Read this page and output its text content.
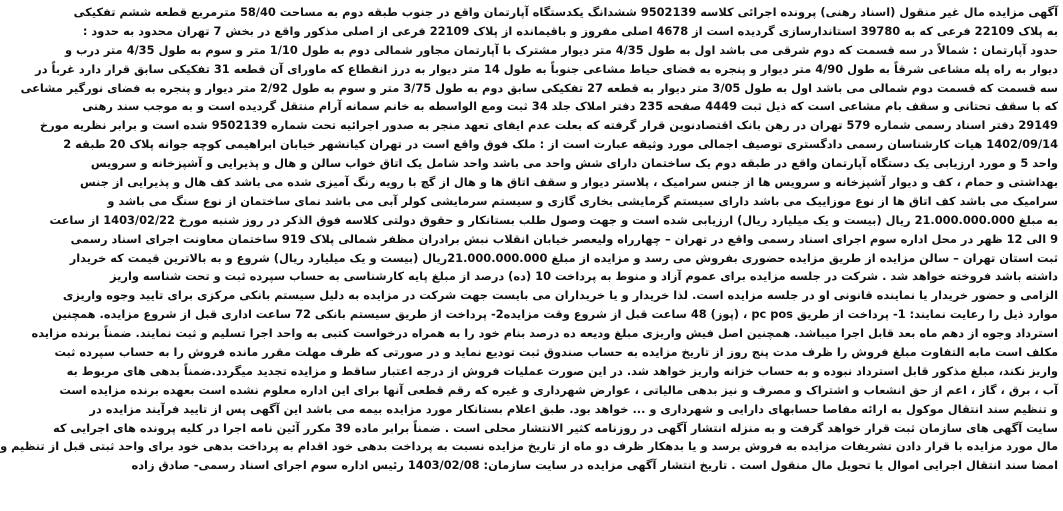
آگهی مزایده مال غیر منقول (اسناد رهنی) پرونده اجرائی کلاسه 9502139 ششدانگ یکدستگاه آپارتمان واقع در جنوب طبقه دوم به مساحت 58/40 مترمربع قطعه ششم تفکیکی
به پلاک 22109 فرعی که به 39780 استاندارسازی گردیده است از 4678 اصلی مفروز و باقیمانده از پلاک 22109 فرعی از اصلی مذکور واقع در بخش 7 تهران محدود به حدود :
حدود آپارتمان : شمالاً در سه قسمت که دوم شرقی می باشد اول به طول 4/35 متر دیوار مشترک با آپارتمان مجاور شمالی دوم به طول 1/10 متر و سوم به طول 4/35 متر درب و
دیوار به راه پله مشاعی شرقاً به طول 4/90 متر دیوار و پنجره به فضای حیاط مشاعی جنوباً به طول 14 متر دیوار به درز انقطاع که ماورای آن قطعه 31 تفکیکی سابق قرار دارد غرباً در
سه قسمت که قسمت دوم شمالی می باشد اول به طول 3/05 متر دیوار به قطعه 27 تفکیکی سابق دوم به طول 3/75 متر و سوم به طول 2/92 متر دیوار و پنجره به فضای نورگیر مشاعی
که با سقف تحتانی و سقف بام مشاعی است که ذیل ثبت 4449 صفحه 235 دفتر املاک جلد 34 ثبت ومع الواسطه به خانم سمانه آرام منتقل گردیده است و به موجب سند رهنی
29149 دفتر اسناد رسمی شماره 579 تهران در رهن بانک اقتصادنوین قرار گرفته که بعلت عدم ایفای تعهد منجر به صدور اجرائیه تحت شماره 9502139 شده است و برابر نظریه مورخ
1402/09/14 هیات کارشناسان رسمی دادگستری توصیف اجمالی مورد وثیقه عبارت است از : ملک فوق واقع است در تهران کیانشهر خیابان ابراهیمی کوچه جوانه پلاک 20 طبقه 2
واحد 5 و مورد ارزیابی یک دستگاه آپارتمان واقع در طبقه دوم یک ساختمان دارای شش واحد می باشد واحد شامل یک اتاق خواب سالن و هال و پذیرایی و آشپزخانه و سرویس
بهداشتی و حمام ، کف و دیوار آشپزخانه و سرویس ها از جنس سرامیک ، پلاستر دیوار و سقف اتاق ها و هال از گچ با رویه رنگ آمیزی شده می باشد کف هال و پذیرایی از جنس
سرامیک می باشد کف اتاق ها از نوع موزاییک می باشد دارای سیستم گرمایشی بخاری گازی و سیستم سرمایشی کولر آبی می باشد نمای ساختمان از نوع سنگ می باشد و
به مبلغ 21.000.000.000 ریال (بیست و یک میلیارد ریال) ارزیابی شده است و جهت وصول طلب بستانکار و حقوق دولتی کلاسه فوق الذکر در روز شنبه مورخ 1403/02/22 از ساعت
9 الی 12 ظهر در محل اداره سوم اجرای اسناد رسمی واقع در تهران – چهارراه ولیعصر خیابان انقلاب نبش برادران مظفر شمالی پلاک 919 ساختمان معاونت اجرای اسناد رسمی
ثبت استان تهران – سالن مزایده از طریق مزایده حضوری بفروش می رسد و مزایده از مبلغ 21.000.000.000ریال (بیست و یک میلیارد ریال) شروع و به بالاترین قیمت که خریدار
داشته باشد فروخته خواهد شد . شرکت در جلسه مزایده برای عموم آزاد و منوط به پرداخت 10 (ده) درصد از مبلغ پایه کارشناسی به حساب سپرده ثبت و تحت شناسه واریز
الزامی و حضور خریدار یا نماینده قانونی او در جلسه مزایده است. لذا خریدار و یا خریداران می بایست جهت شرکت در مزایده به دلیل سیستم بانکی مرکزی برای تایید وجوه واریزی
موارد ذیل را رعایت نمایند: 1- پرداخت از طریق pc pos ، (پوز) 48 ساعت قبل از شروع وقت مزایده2- پرداخت از طریق سیستم بانکی 72 ساعت اداری قبل از شروع مزایده. همچنین
استرداد وجوه از دهم ماه بعد قابل اجرا میباشد. همچنین اصل فیش واریزی مبلغ ودیعه ده درصد بنام خود را به همراه درخواست کتبی به واحد اجرا تسلیم و ثبت نمایند. ضمناً برنده مزایده
مکلف است مابه التفاوت مبلغ فروش را ظرف مدت پنج روز از تاریخ مزایده به حساب صندوق ثبت تودیع نماید و در صورتی که ظرف مهلت مقرر مانده فروش را به حساب سپرده ثبت
واریز نکند، مبلغ مذکور قابل استرداد نبوده و به حساب خزانه واریز خواهد شد. در این صورت عملیات فروش از درجه اعتبار ساقط و مزایده تجدید میگردد.ضمناً بدهی های مربوط به
آب ، برق ، گاز ، اعم از حق انشعاب و اشتراک و مصرف و نیز بدهی مالیاتی ، عوارض شهرداری و غیره که رقم قطعی آنها برای این اداره معلوم نشده است بعهده برنده مزایده است
و تنظیم سند انتقال موکول به ارائه مفاصا حسابهای دارایی و شهرداری و ... خواهد بود. طبق اعلام بستانکار مورد مزایده بیمه می باشد این آگهی پس از تایید فرآیند مزایده در
سایت آگهی های سازمان ثبت قرار خواهد گرفت و به منزله انتشار آگهی در روزنامه کثیر الانتشار محلی است . ضمناً برابر ماده 39 مکرر آئین نامه اجرا در کلیه پرونده های اجرایی که
مال مورد مزایده با قرار دادن تشریفات مزایده به فروش برسد و یا بدهکار ظرف دو ماه از تاریخ مزایده نسبت به پرداخت بدهی خود اقدام به پرداخت بدهی خود برای واحد ثبتی قبل از تنظیم و
امضا سند انتقال اجرایی اموال یا تحویل مال منقول است . تاریخ انتشار آگهی مزایده در سایت سازمان: 1403/02/08 رئیس اداره سوم اجرای اسناد رسمی- صادق زاده
